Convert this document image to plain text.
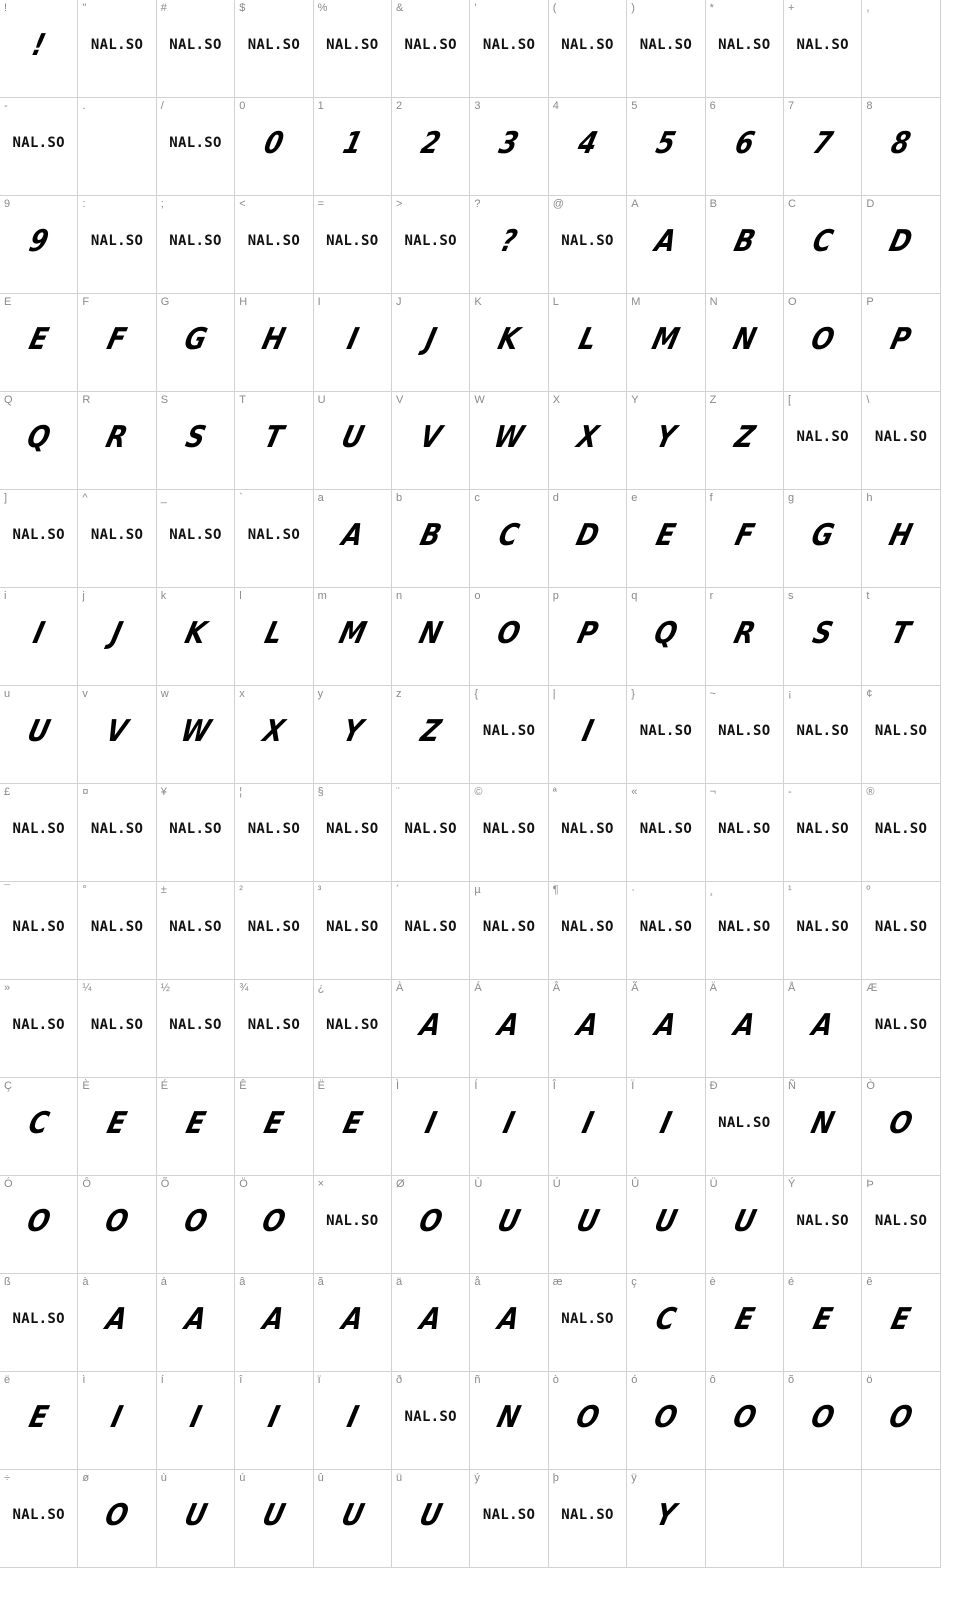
!
!
"
NAL.SO
#
NAL.SO
$
NAL.SO
%
NAL.SO
&
NAL.SO
'
NAL.SO
(
NAL.SO
)
NAL.SO
*
NAL.SO
+
NAL.SO
,
-
NAL.SO
.	/
NAL.SO
0
0
1
1
2
2
3
3
4
4
5
5
6
6
7
7
8
8
9
9
:
NAL.SO
;
NAL.SO
<
NAL.SO
=
NAL.SO
>
NAL.SO
?
?
@
NAL.SO
A
A
B
B
C
C
D
D
E
E
F
F
G
G
H
H
I
I
J
J
K
K
L
L
M
M
N
N
O
O
P
P
Q
Q
R
R
S
S
T
T
U
U
V
V
W
W
X
X
Y
Y
Z
Z
[
NAL.SO
\
NAL.SO
]
NAL.SO
^
NAL.SO
_
NAL.SO
`
NAL.SO
a
A
b
B
c
C
d
D
e
E
f
F
g
G
h
H
i
I
j
J
k
K
l
L
m
M
n
N
o
O
p
P
q
Q
r
R
s
S
t
T
u
U
v
V
w
W
x
X
y
Y
z
Z
{
NAL.SO
|
I
}
NAL.SO
~
NAL.SO
¡
NAL.SO
¢
NAL.SO
£
NAL.SO
¤
NAL.SO
¥
NAL.SO
¦
NAL.SO
§
NAL.SO
¨
NAL.SO
©
NAL.SO
ª
NAL.SO
«
NAL.SO
¬
NAL.SO
-
NAL.SO
®
NAL.SO
¯
NAL.SO
°
NAL.SO
±
NAL.SO
²
NAL.SO
³
NAL.SO
´
NAL.SO
µ
NAL.SO
¶
NAL.SO
·
NAL.SO
¸
NAL.SO
¹
NAL.SO
º
NAL.SO
»
NAL.SO
¼
NAL.SO
½
NAL.SO
¾
NAL.SO
¿
NAL.SO
À
A
Á
A
Â
A
Ã
A
Ä
A
Å
A
Æ
NAL.SO
Ç
C
È
E
É
E
Ê
E
Ë
E
Ì
I
Í
I
Î
I
Ï
I
Ð
NAL.SO
Ñ
N
Ò
O
Ó
O
Ô
O
Õ
O
Ö
O
×
NAL.SO
Ø
O
Ù
U
Ú
U
Û
U
Ü
U
Ý
NAL.SO
Þ
NAL.SO
ß
NAL.SO
à
A
á
A
â
A
ã
A
ä
A
å
A
æ
NAL.SO
ç
C
è
E
é
E
ê
E
ë
E
ì
I
í
I
î
I
ï
I
ð
NAL.SO
ñ
N
ò
O
ó
O
ô
O
õ
O
ö
O
÷
NAL.SO
ø
O
ù
U
ú
U
û
U
ü
U
ý
NAL.SO
þ
NAL.SO
ÿ
Y
